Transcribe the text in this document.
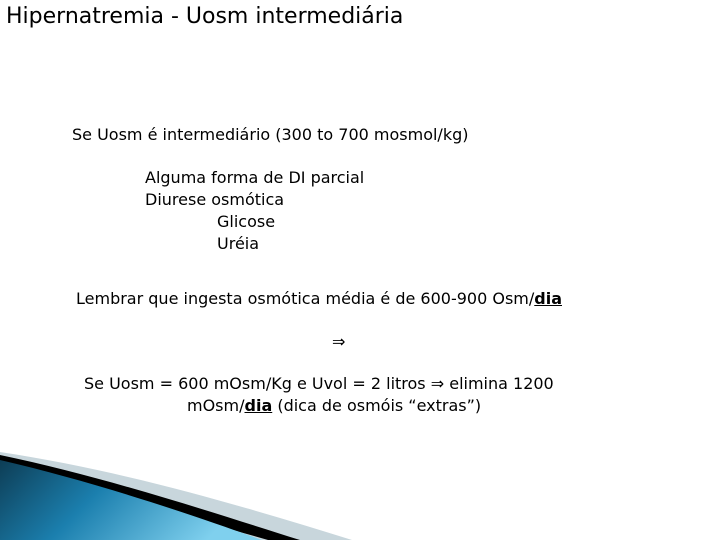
Hipernatremia - Uosm intermediária
Se Uosm é intermediário (300 to 700 mosmol/kg)
Alguma forma de DI parcial
Diurese osmótica
Glicose
Uréia
Lembrar que ingesta osmótica média é de 600-900 Osm/dia
⇒
Se Uosm = 600 mOsm/Kg e Uvol = 2 litros ⇒ elimina 1200
mOsm/dia (dica de osmóis “extras”)
